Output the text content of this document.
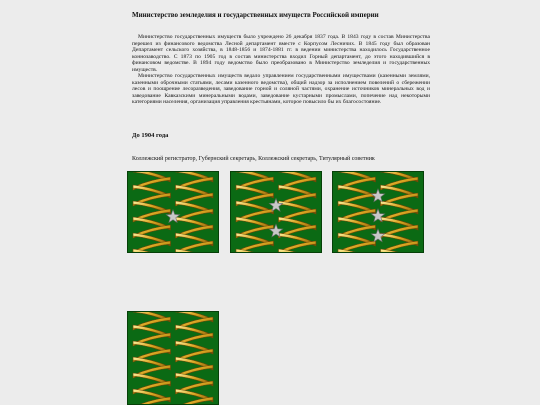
Министерство земледелия и государственных имуществ Российской империи

Министерство государственных имуществ было учреждено 26 декабря 1837 года. В 1843 году в состав Министерства перешел из финансового ведомства Лесной департамент вместе с Корпусом Лесничих. В 1845 году был образован Департамент сельского хозяйства, в 1848-1856 и 1874-1881 гг. в ведении министерства находилось Государственное коннозаводство. С 1873 по 1905 год в состав министерства входил Горный департамент, до этого находившийся в финансовом ведомстве. В 1894 году ведомство было преобразовано в Министерство земледелия и государственных имуществ.

Министерство государственных имуществ ведало управлением государственными имуществами (казенными землями, казенными оброчными статьями, лесами казенного ведомства), общий надзор за исполнением повелений о сбережении лесов и поощрение лесоразведения, заведование горной и соляной частями, охранение источников минеральных вод и заведование Кавказскими минеральными водами, заведование кустарными промыслами, попечение над некоторыми категориями населения, организация управления крестьянами, которое повысило бы их благосостояние.

До 1904 года
Коллежский регистратор, Губернский секретарь, Коллежский секретарь, Титулярный советник
